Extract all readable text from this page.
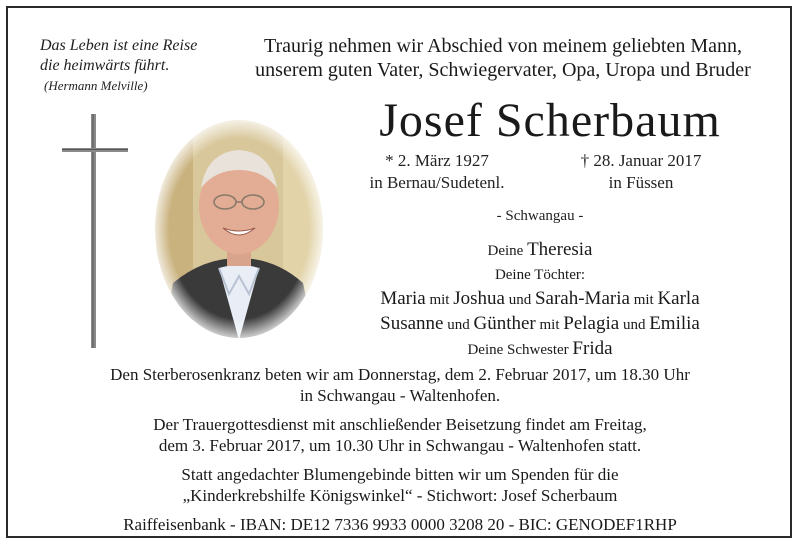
Das Leben ist eine Reise
die heimwärts führt.
(Hermann Melville)
Traurig nehmen wir Abschied von meinem geliebten Mann,
unserem guten Vater, Schwiegervater, Opa, Uropa und Bruder
Josef Scherbaum
* 2. März 1927
in Bernau/Sudetenl.
† 28. Januar 2017
in Füssen
- Schwangau -
Deine Theresia
Deine Töchter:
Maria mit Joshua und Sarah-Maria mit Karla
Susanne und Günther mit Pelagia und Emilia
Deine Schwester Frida

Den Sterberosenkranz beten wir am Donnerstag, dem 2. Februar 2017, um 18.30 Uhr
in Schwangau - Waltenhofen.

Der Trauergottesdienst mit anschließender Beisetzung findet am Freitag,
dem 3. Februar 2017, um 10.30 Uhr in Schwangau - Waltenhofen statt.

Statt angedachter Blumengebinde bitten wir um Spenden für die
„Kinderkrebshilfe Königswinkel“ - Stichwort: Josef Scherbaum

Raiffeisenbank - IBAN: DE12 7336 9933 0000 3208 20 - BIC: GENODEF1RHP
